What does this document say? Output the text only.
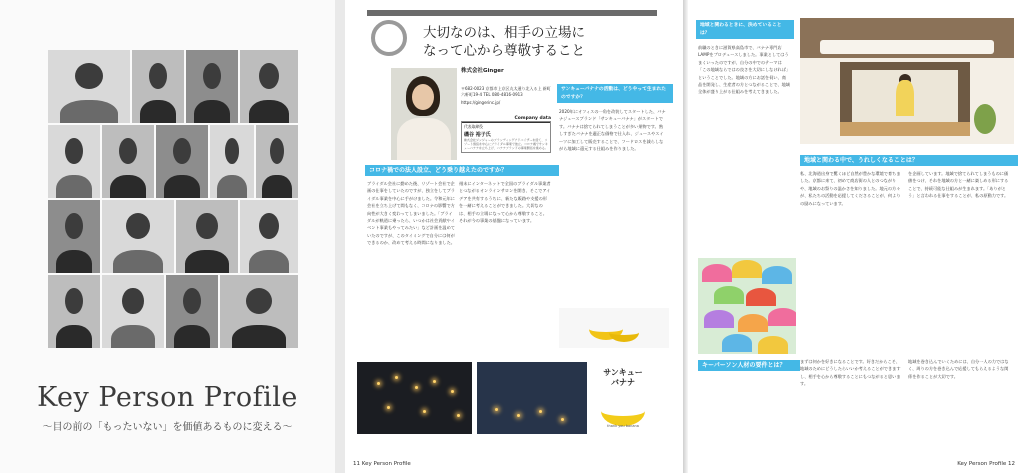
Key Person Profile
〜目の前の「もったいない」を価値あるものに変える〜
大切なのは、相手の立場に
なって心から尊敬すること
株式会社Ginger
〒682-0023 京都市上京区丸太通り北入る上 新町六軒町19-4 TEL 080-4816-0913
https://gingerinc.jp/
Company data
代表取締役
磯谷 裕子氏
株式会社ジンジャーのブランディングアドバイザーを経て、リゾート施設を中心にブライダル事業で独立。コロナ禍でサンキューバナナを立ち上げ、バナナブランドの事業開拓を進める。
コロナ禍での法人設立、どう乗り越えたのですか？
ブライダル会社に勤めた後、リゾート会社で企画の仕事をしていたのですが、独立をしてブライダル事業を中心に手がけました。令和元年に会社を立ち上げて間もなく、コロナの影響で方向性が大きく変わってしまいました。「ブライダルが軌道に乗ったら、いつかは社会貢献やイベント事業もやってみたい」など計画を温めていたのですが、このタイミングで自分には何ができるのか、改めて考える時間になりました。
週末にインターネットで全国のブライダル事業者とつながるオンラインサロンを開き、そこでアイデアを共有するうちに、新たな販路や支援の形を一緒に考えることができました。大切なのは、相手の立場になって心から尊敬すること。それが今の事業の基盤になっています。
サンキューバナナの活動は、どうやって生まれたのですか？
2020年にオフィスの一角を改装してスタートした、バナナジュースブランド「サンキューバナナ」がスタートです。バナナは捨てられてしまうことが多い果物です。熟しすぎたバナナを適正な価格で仕入れ、ジュースやスイーツに加工して販売することで、フードロスを減らしながら地域に還元する仕組みを作りました。
サンキュー
バナナ
thank you banana
11 Key Person Profile
地域と関わるときに、決めていることは？
前職のときに滋賀県高島市で、バナナ専門店LAMPをプロデュースしました。事業としてはうまくいったのですが、自分の中でのテーマは「この地域ならではの良さを大切にしなければ」ということでした。地域の方にお話を伺い、商品を開発し、生産者の方とつながることで、地域全体が盛り上がる仕組みを考えてきました。
地域と関わる中で、うれしくなることは？
私、北海道出身で驚くほど自然が豊かな環境で育ちました。京都に来て、初めて商店街の人とのつながりや、地域のお祭りの温かさを知りました。地元の方々が、私たちの活動を応援してくださることが、何よりの励みになっています。
を企画しています。地域で捨てられてしまうものに価値をつけ、それを地域の方と一緒に楽しめる形にすることで、持続可能な仕組みが生まれます。「ありがとう」と言われる仕事をすることが、私の原動力です。
キーパーソン人材の要件とは？
まずは何かを好きになることです。好きだからこそ、地域のためにどうしたらいいか考えることができますし、相手を心から尊敬することにもつながると思います。
地域を巻き込んでいくためには、自分一人の力ではなく、周りの方を巻き込んで応援してもらえるような関係を作ることが大切です。
Key Person Profile 12
